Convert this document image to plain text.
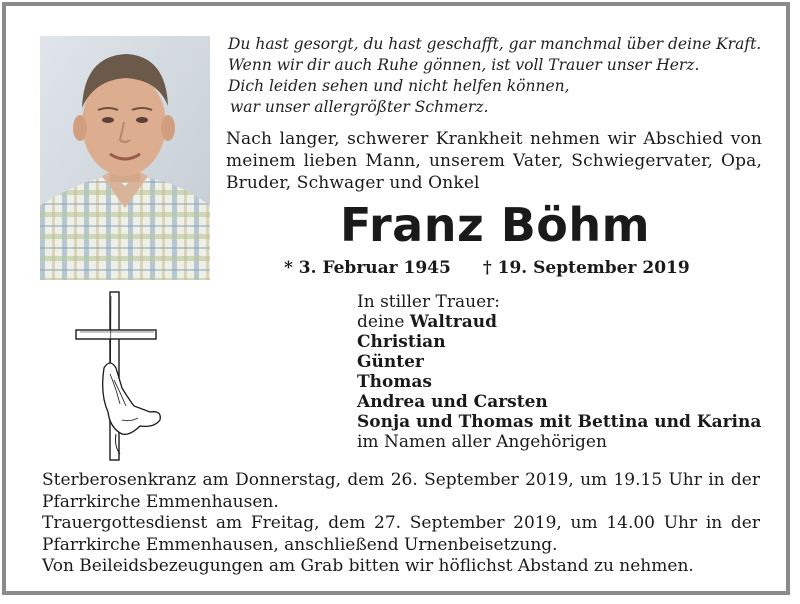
Du hast gesorgt, du hast geschafft, gar manchmal über deine Kraft.
Wenn wir dir auch Ruhe gönnen, ist voll Trauer unser Herz.
Dich leiden sehen und nicht helfen können,
war unser allergrößter Schmerz.
Nach langer, schwerer Krankheit nehmen wir Abschied von meinem lieben Mann, unserem Vater, Schwiegervater, Opa, Bruder, Schwager und Onkel
Franz Böhm
* 3. Februar 1945 † 19. September 2019
In stiller Trauer:
deine Waltraud
Christian
Günter
Thomas
Andrea und Carsten
Sonja und Thomas mit Bettina und Karina
im Namen aller Angehörigen

Sterberosenkranz am Donnerstag, dem 26. September 2019, um 19.15 Uhr in der Pfarrkirche Emmenhausen.

Trauergottesdienst am Freitag, dem 27. September 2019, um 14.00 Uhr in der Pfarrkirche Emmenhausen, anschließend Urnenbeisetzung.

Von Beileidsbezeugungen am Grab bitten wir höflichst Abstand zu nehmen.
